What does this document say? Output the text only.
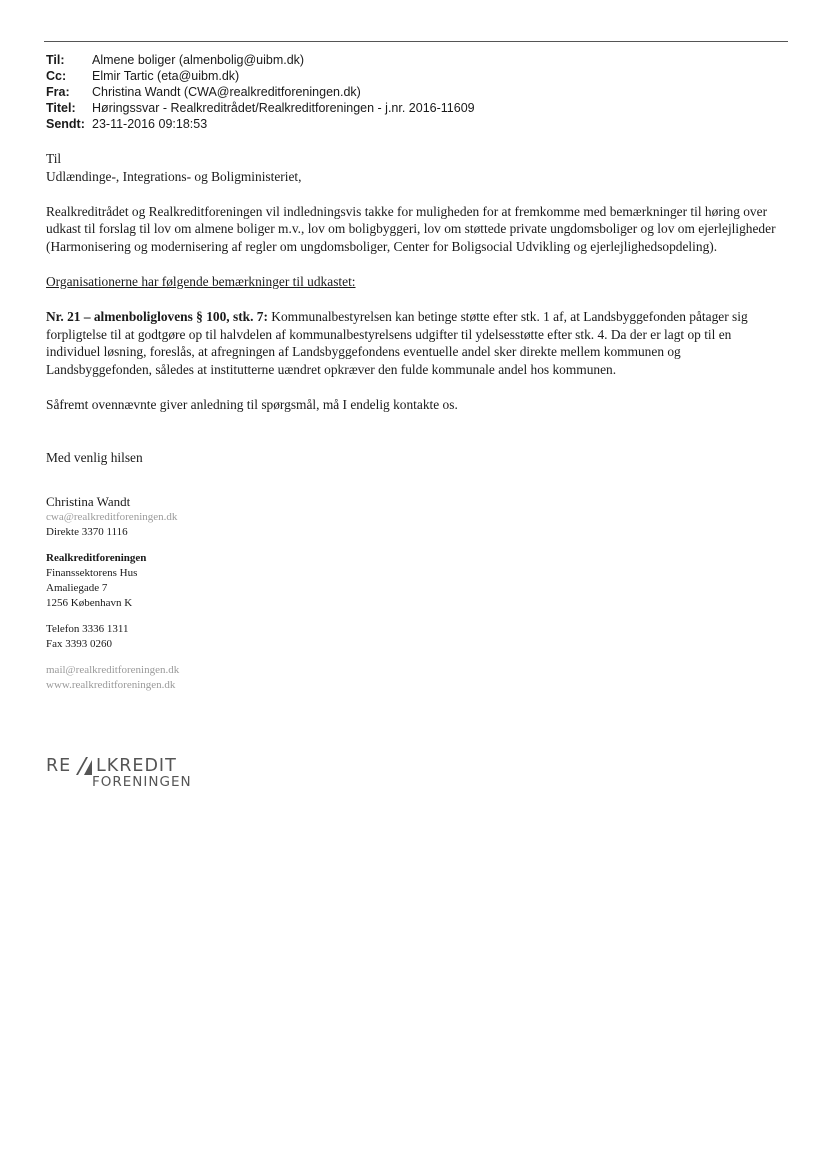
Til:	Almene boliger (almenbolig@uibm.dk)
Cc:	Elmir Tartic (eta@uibm.dk)
Fra:	Christina Wandt (CWA@realkreditforeningen.dk)
Titel:	Høringssvar - Realkreditrådet/Realkreditforeningen - j.nr. 2016-11609
Sendt: 23-11-2016 09:18:53

Til

Udlændinge-, Integrations- og Boligministeriet,

Realkreditrådet og Realkreditforeningen vil indledningsvis takke for muligheden for at fremkomme med bemærkninger til høring over udkast til forslag til lov om almene boliger m.v., lov om boligbyggeri, lov om støttede private ungdomsboliger og lov om ejerlejligheder (Harmonisering og modernisering af regler om ungdomsboliger, Center for Boligsocial Udvikling og ejerlejlighedsopdeling).

Organisationerne har følgende bemærkninger til udkastet:

Nr. 21 – almenboliglovens § 100, stk. 7: Kommunalbestyrelsen kan betinge støtte efter stk. 1 af, at Landsbyggefonden påtager sig forpligtelse til at godtgøre op til halvdelen af kommunalbestyrelsens udgifter til ydelsesstøtte efter stk. 4. Da der er lagt op til en individuel løsning, foreslås, at afregningen af Landsbyggefondens eventuelle andel sker direkte mellem kommunen og Landsbyggefonden, således at institutterne uændret opkræver den fulde kommunale andel hos kommunen.

Såfremt ovennævnte giver anledning til spørgsmål, må I endelig kontakte os.

Med venlig hilsen

Christina Wandt
cwa@realkreditforeningen.dk
Direkte 3370 1116
Realkreditforeningen
Finanssektorens Hus
Amaliegade 7
1256 København K
Telefon 3336 1311
Fax 3393 0260
mail@realkreditforeningen.dk
www.realkreditforeningen.dk
RE LKREDIT
FORENINGEN
